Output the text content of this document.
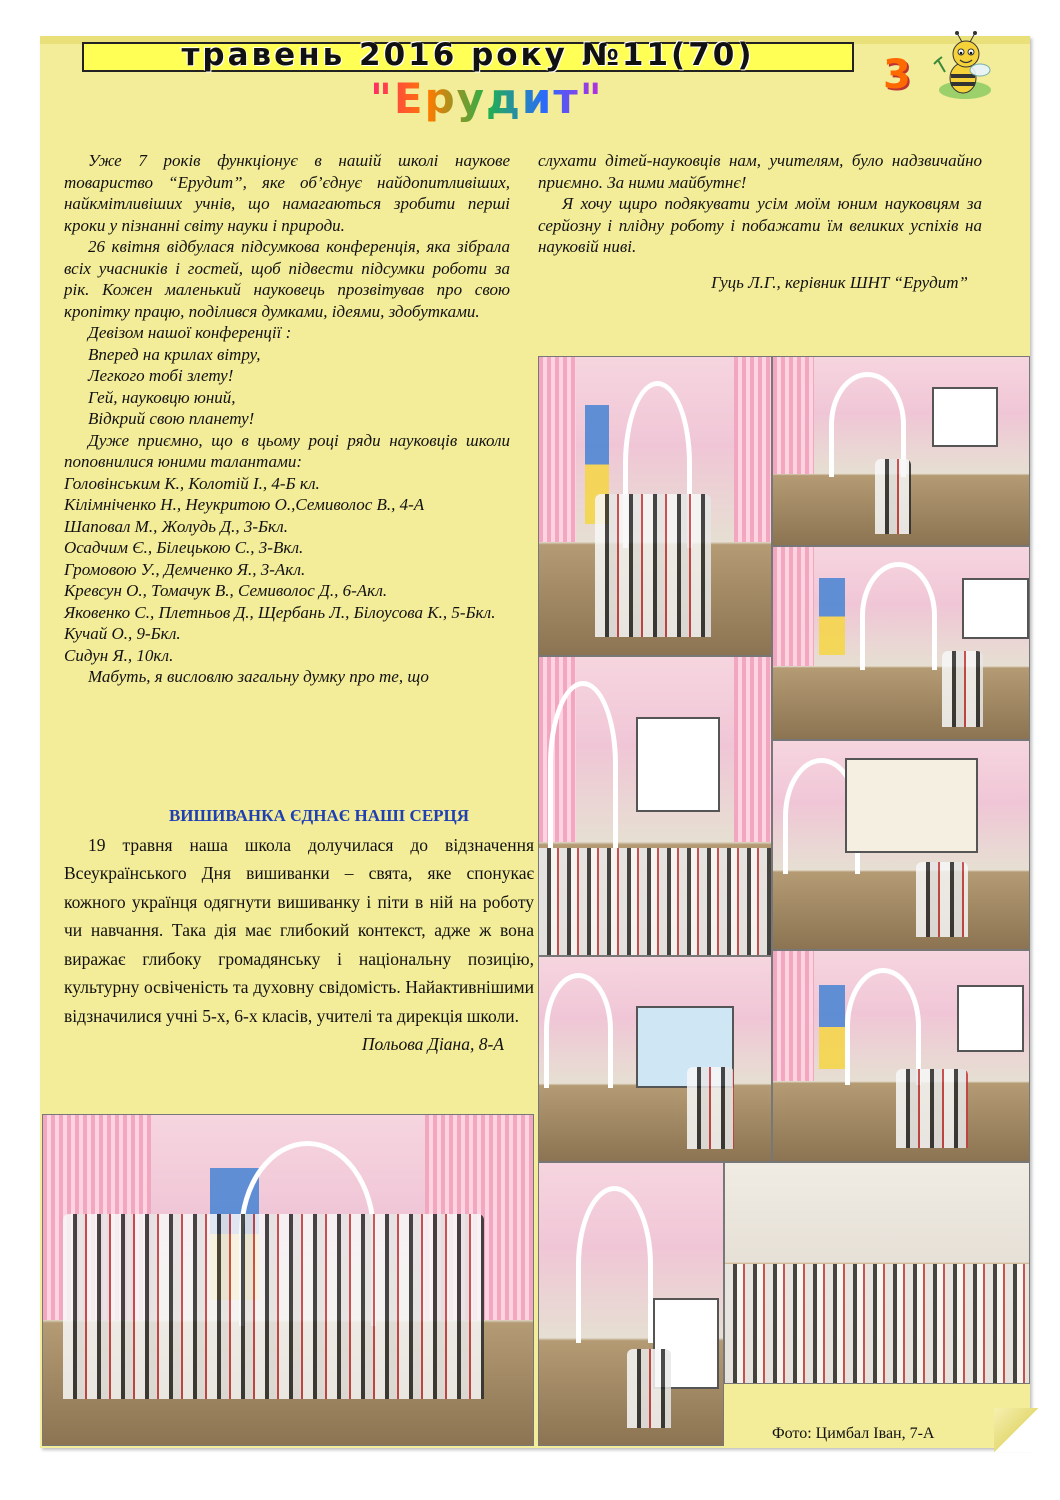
травень 2016 року №11(70)
"Ерудит"	3

Уже 7 років функціонує в нашій школі наукове товариство “Ерудит”, яке об’єднує найдопитливіших, найкмітливіших учнів, що намагаються зробити перші кроки у пізнанні світу науки і природи.

26 квітня відбулася підсумкова конференція, яка зібрала всіх учасників і гостей, щоб підвести підсумки роботи за рік. Кожен маленький науковець прозвітував про свою кропітку працю, поділився думками, ідеями, здобутками.

Девізом нашої конференції :

Вперед на крилах вітру,

Легкого тобі злету!

Гей, науковцю юний,

Відкрий свою планету!

Дуже приємно, що в цьому році ряди науковців школи поповнилися юними талантами:

Головінським К., Колотій І., 4-Б кл.

Кілімніченко Н., Неукритою О.,Семиволос В., 4-А

Шаповал М., Жолудь Д., 3-Бкл.

Осадчим Є., Білецькою С., 3-Вкл.

Громовою У., Демченко Я., 3-Акл.

Кревсун О., Томачук В., Семиволос Д., 6-Акл.

Яковенко С., Плетньов Д., Щербань Л., Білоусова К., 5-Бкл.

Кучай О., 9-Бкл.

Сидун Я., 10кл.

Мабуть, я висловлю загальну думку про те, що

слухати дітей-науковців нам, учителям, було надзвичайно приємно. За ними майбутнє!

Я хочу щиро подякувати усім моїм юним науковцям за серйозну і плідну роботу і побажати їм великих успіхів на науковій ниві.

Гуць Л.Г., керівник ШНТ “Ерудит”

ВИШИВАНКА ЄДНАЄ НАШІ СЕРЦЯ

19 травня наша школа долучилася до відзначення Всеукраїнського Дня вишиванки – свята, яке спонукає кожного українця одягнути вишиванку і піти в ній на роботу чи навчання. Така дія має глибокий контекст, адже ж вона виражає глибоку громадянську і національну позицію, культурну освіченість та духовну свідомість. Найактивнішими відзначилися учні 5-х, 6-х класів, учителі та дирекція школи.

Польова Діана, 8-А

Фото: Цимбал Іван, 7-А
